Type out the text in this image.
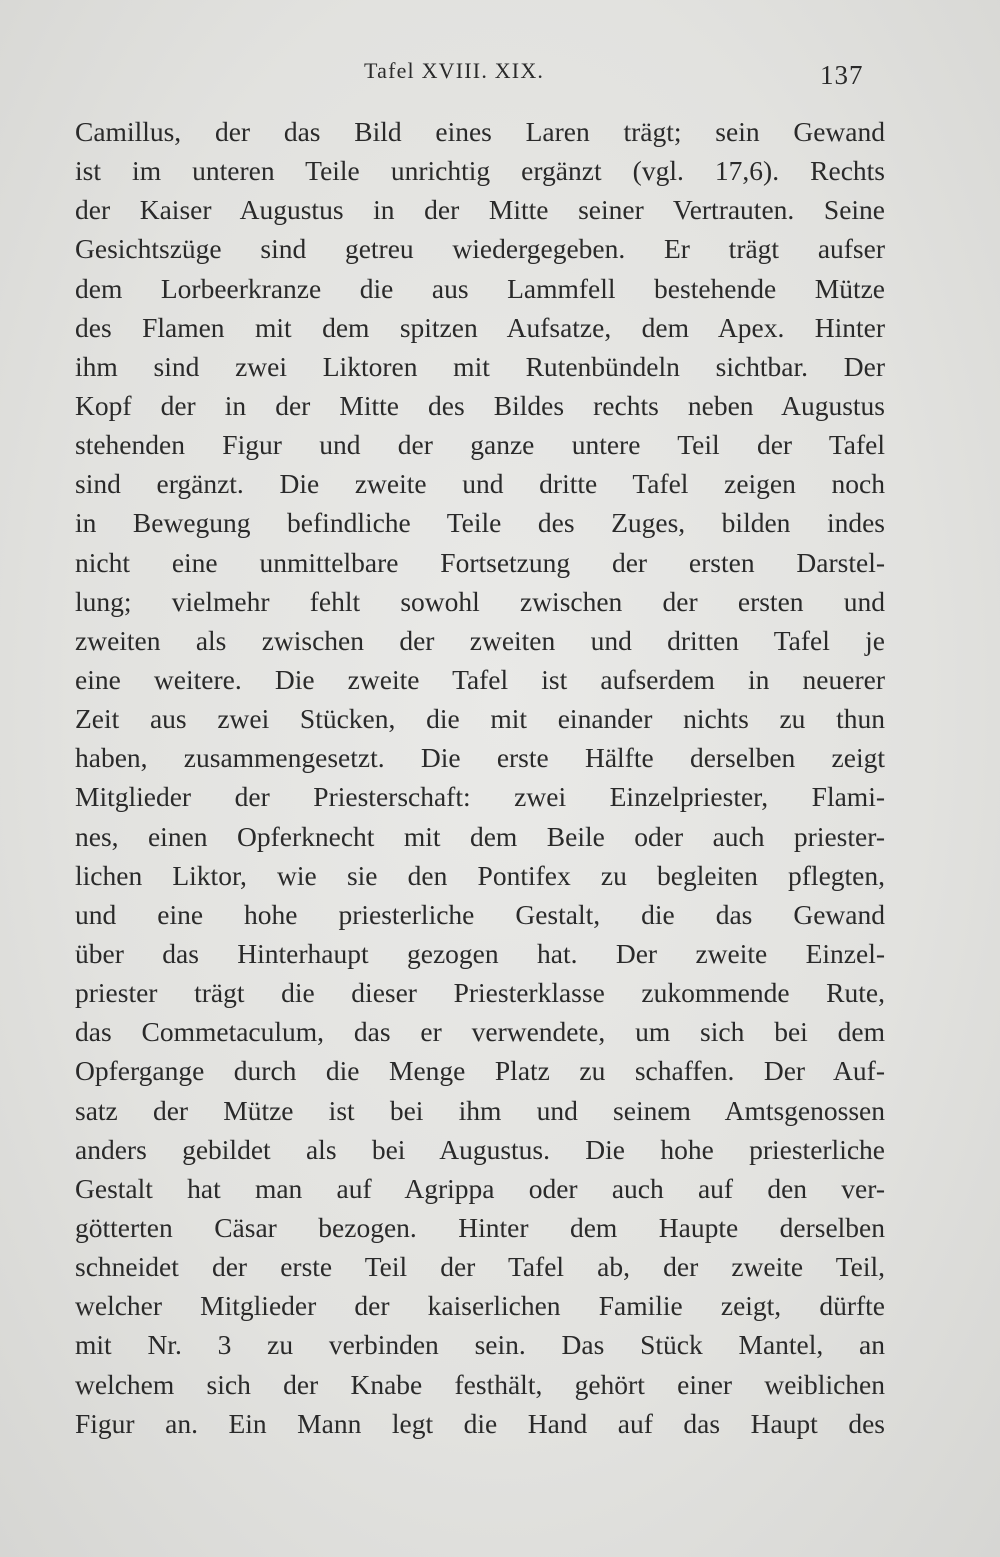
Tafel XVIII. XIX.	137
Camillus, der das Bild eines Laren trägt; sein Gewand
ist im unteren Teile unrichtig ergänzt (vgl. 17,6). Rechts
der Kaiser Augustus in der Mitte seiner Vertrauten. Seine
Gesichtszüge sind getreu wiedergegeben. Er trägt aufser
dem Lorbeerkranze die aus Lammfell bestehende Mütze
des Flamen mit dem spitzen Aufsatze, dem Apex. Hinter
ihm sind zwei Liktoren mit Rutenbündeln sichtbar. Der
Kopf der in der Mitte des Bildes rechts neben Augustus
stehenden Figur und der ganze untere Teil der Tafel
sind ergänzt. Die zweite und dritte Tafel zeigen noch
in Bewegung befindliche Teile des Zuges, bilden indes
nicht eine unmittelbare Fortsetzung der ersten Darstel-
lung; vielmehr fehlt sowohl zwischen der ersten und
zweiten als zwischen der zweiten und dritten Tafel je
eine weitere. Die zweite Tafel ist aufserdem in neuerer
Zeit aus zwei Stücken, die mit einander nichts zu thun
haben, zusammengesetzt. Die erste Hälfte derselben zeigt
Mitglieder der Priesterschaft: zwei Einzelpriester, Flami-
nes, einen Opferknecht mit dem Beile oder auch priester-
lichen Liktor, wie sie den Pontifex zu begleiten pflegten,
und eine hohe priesterliche Gestalt, die das Gewand
über das Hinterhaupt gezogen hat. Der zweite Einzel-
priester trägt die dieser Priesterklasse zukommende Rute,
das Commetaculum, das er verwendete, um sich bei dem
Opfergange durch die Menge Platz zu schaffen. Der Auf-
satz der Mütze ist bei ihm und seinem Amtsgenossen
anders gebildet als bei Augustus. Die hohe priesterliche
Gestalt hat man auf Agrippa oder auch auf den ver-
götterten Cäsar bezogen. Hinter dem Haupte derselben
schneidet der erste Teil der Tafel ab, der zweite Teil,
welcher Mitglieder der kaiserlichen Familie zeigt, dürfte
mit Nr. 3 zu verbinden sein. Das Stück Mantel, an
welchem sich der Knabe festhält, gehört einer weiblichen
Figur an. Ein Mann legt die Hand auf das Haupt des
